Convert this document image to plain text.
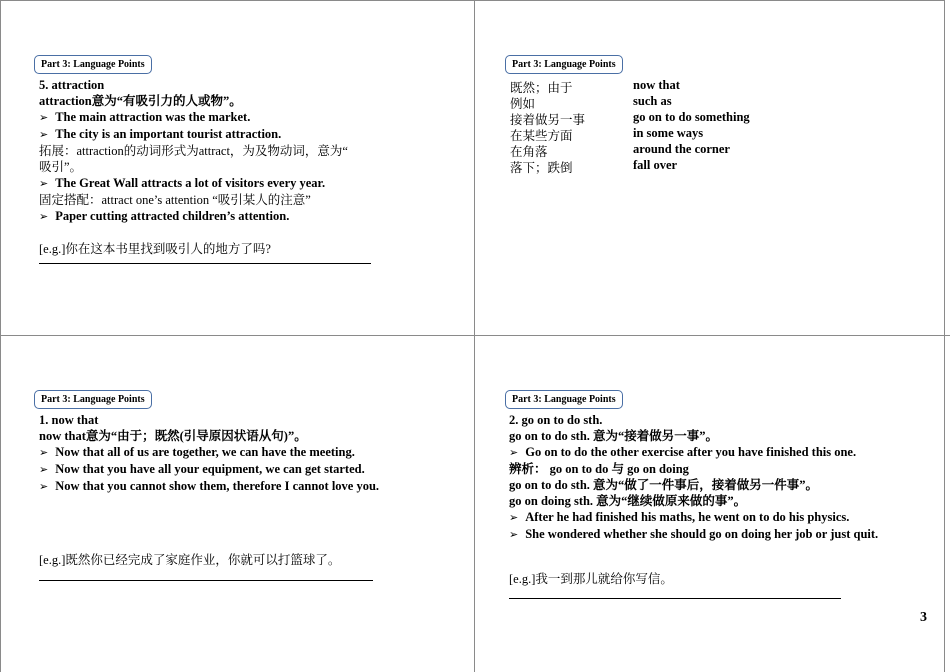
Part 3: Language Points
5. attraction
attraction意为“有吸引力的人或物”。
➢ The main attraction was the market.
➢ The city is an important tourist attraction.
拓展：attraction的动词形式为attract，为及物动词，意为“
吸引”。
➢ The Great Wall attracts a lot of visitors every year.
固定搭配：attract one’s attention “吸引某人的注意”
➢ Paper cutting attracted children’s attention.
[e.g.]你在这本书里找到吸引人的地方了吗?
Part 3: Language Points
既然；由于
例如
接着做另一事
在某些方面
在角落
落下；跌倒
now that
such as
go on to do something
in some ways
around the corner
fall over
Part 3: Language Points
1. now that
now that意为“由于；既然(引导原因状语从句)”。
➢ Now that all of us are together, we can have the meeting.
➢ Now that you have all your equipment, we can get started.
➢ Now that you cannot show them, therefore I cannot love you.
[e.g.]既然你已经完成了家庭作业，你就可以打篮球了。
Part 3: Language Points
2. go on to do sth.
go on to do sth. 意为“接着做另一事”。
➢ Go on to do the other exercise after you have finished this one.
辨析： go on to do 与 go on doing
go on to do sth. 意为“做了一件事后，接着做另一件事”。
go on doing sth. 意为“继续做原来做的事”。
➢ After he had finished his maths, he went on to do his physics.
➢ She wondered whether she should go on doing her job or just quit.
[e.g.]我一到那儿就给你写信。
3
